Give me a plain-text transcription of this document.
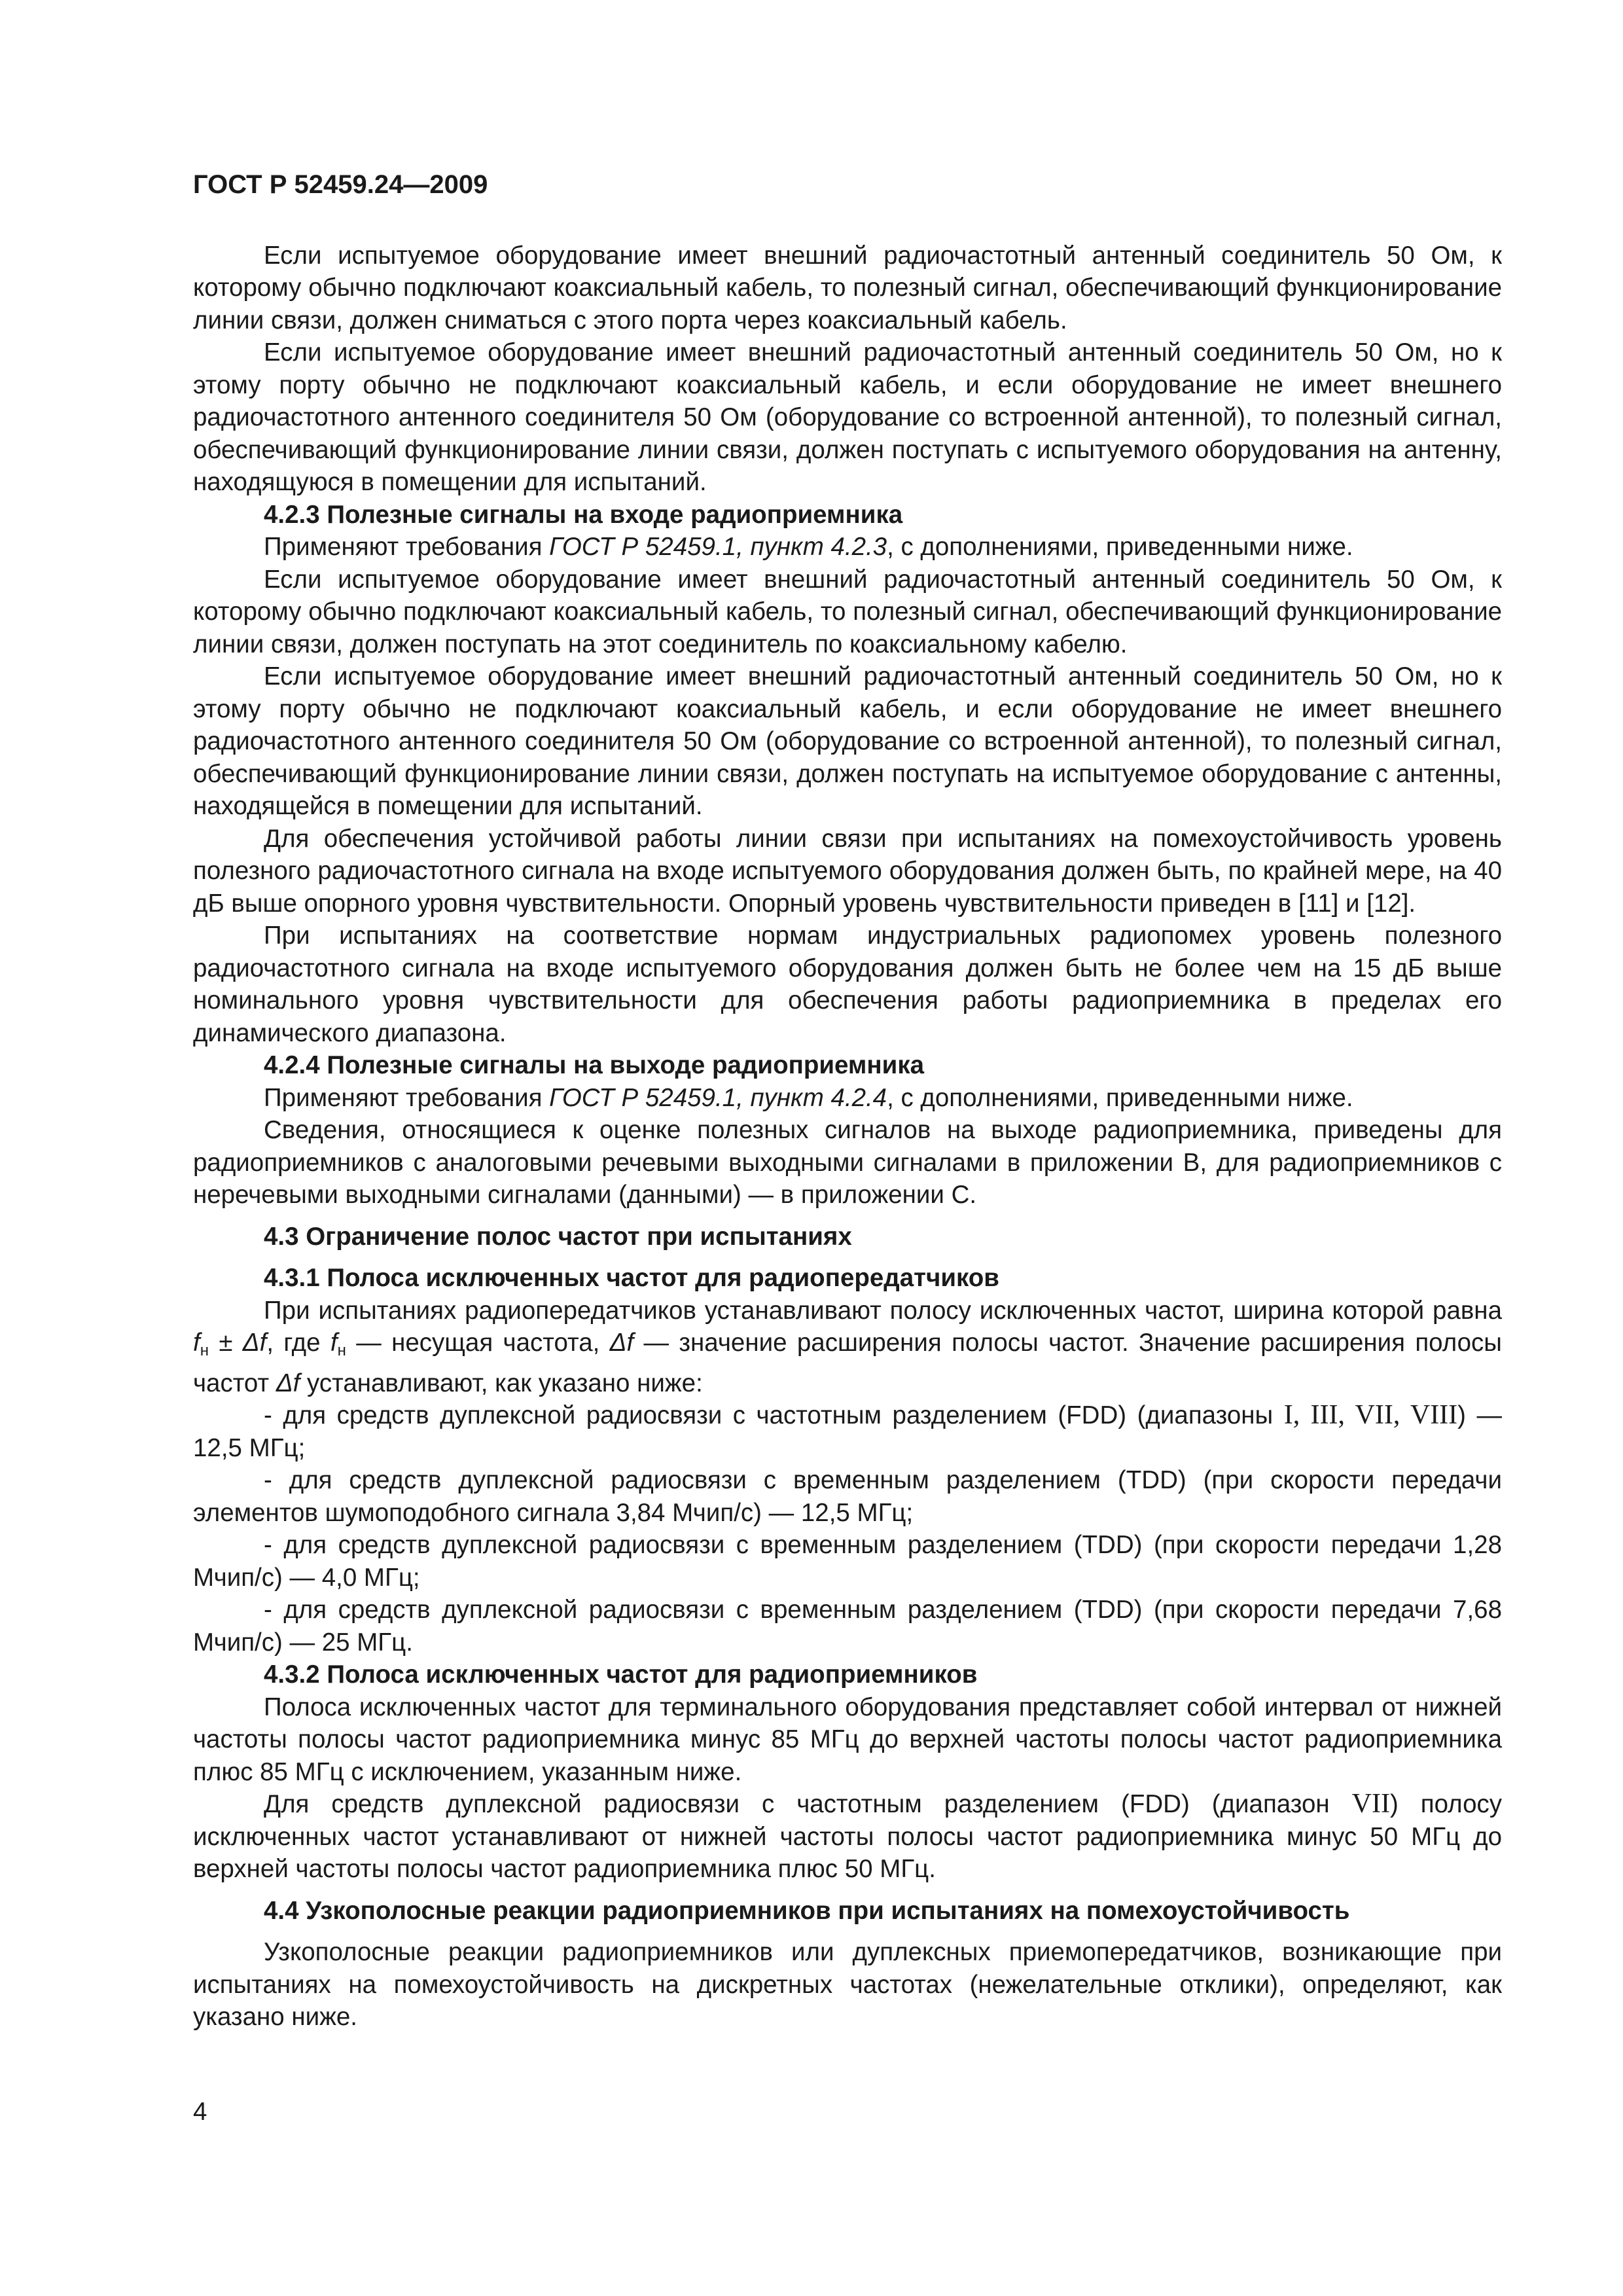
ГОСТ Р 52459.24—2009

Если испытуемое оборудование имеет внешний радиочастотный антенный соединитель 50 Ом, к которому обычно подключают коаксиальный кабель, то полезный сигнал, обеспечивающий функционирование линии связи, должен сниматься с этого порта через коаксиальный кабель.

Если испытуемое оборудование имеет внешний радиочастотный антенный соединитель 50 Ом, но к этому порту обычно не подключают коаксиальный кабель, и если оборудование не имеет внешнего радиочастотного антенного соединителя 50 Ом (оборудование со встроенной антенной), то полезный сигнал, обеспечивающий функционирование линии связи, должен поступать с испытуемого оборудования на антенну, находящуюся в помещении для испытаний.

4.2.3 Полезные сигналы на входе радиоприемника

Применяют требования ГОСТ Р 52459.1, пункт 4.2.3, с дополнениями, приведенными ниже.

Если испытуемое оборудование имеет внешний радиочастотный антенный соединитель 50 Ом, к которому обычно подключают коаксиальный кабель, то полезный сигнал, обеспечивающий функционирование линии связи, должен поступать на этот соединитель по коаксиальному кабелю.

Если испытуемое оборудование имеет внешний радиочастотный антенный соединитель 50 Ом, но к этому порту обычно не подключают коаксиальный кабель, и если оборудование не имеет внешнего радиочастотного антенного соединителя 50 Ом (оборудование со встроенной антенной), то полезный сигнал, обеспечивающий функционирование линии связи, должен поступать на испытуемое оборудование с антенны, находящейся в помещении для испытаний.

Для обеспечения устойчивой работы линии связи при испытаниях на помехоустойчивость уровень полезного радиочастотного сигнала на входе испытуемого оборудования должен быть, по крайней мере, на 40 дБ выше опорного уровня чувствительности. Опорный уровень чувствительности приведен в [11] и [12].

При испытаниях на соответствие нормам индустриальных радиопомех уровень полезного радиочастотного сигнала на входе испытуемого оборудования должен быть не более чем на 15 дБ выше номинального уровня чувствительности для обеспечения работы радиоприемника в пределах его динамического диапазона.

4.2.4 Полезные сигналы на выходе радиоприемника

Применяют требования ГОСТ Р 52459.1, пункт 4.2.4, с дополнениями, приведенными ниже.

Сведения, относящиеся к оценке полезных сигналов на выходе радиоприемника, приведены для радиоприемников с аналоговыми речевыми выходными сигналами в приложении В, для радиоприемников с неречевыми выходными сигналами (данными) — в приложении С.

4.3 Ограничение полос частот при испытаниях
4.3.1 Полоса исключенных частот для радиопередатчиков

При испытаниях радиопередатчиков устанавливают полосу исключенных частот, ширина которой равна $f_н \pm \Delta f$, где $f_н$ — несущая частота, Δf — значение расширения полосы частот. Значение расширения полосы частот Δf устанавливают, как указано ниже:

- для средств дуплексной радиосвязи с частотным разделением (FDD) (диапазоны I, III, VII, VIII) — 12,5 МГц;

- для средств дуплексной радиосвязи с временным разделением (TDD) (при скорости передачи элементов шумоподобного сигнала 3,84 Мчип/с) — 12,5 МГц;

- для средств дуплексной радиосвязи с временным разделением (TDD) (при скорости передачи 1,28 Мчип/с) — 4,0 МГц;

- для средств дуплексной радиосвязи с временным разделением (TDD) (при скорости передачи 7,68 Мчип/с) — 25 МГц.

4.3.2 Полоса исключенных частот для радиоприемников

Полоса исключенных частот для терминального оборудования представляет собой интервал от нижней частоты полосы частот радиоприемника минус 85 МГц до верхней частоты полосы частот радиоприемника плюс 85 МГц с исключением, указанным ниже.

Для средств дуплексной радиосвязи с частотным разделением (FDD) (диапазон VII) полосу исключенных частот устанавливают от нижней частоты полосы частот радиоприемника минус 50 МГц до верхней частоты полосы частот радиоприемника плюс 50 МГц.

4.4 Узкополосные реакции радиоприемников при испытаниях на помехоустойчивость

Узкополосные реакции радиоприемников или дуплексных приемопередатчиков, возникающие при испытаниях на помехоустойчивость на дискретных частотах (нежелательные отклики), определяют, как указано ниже.

4
